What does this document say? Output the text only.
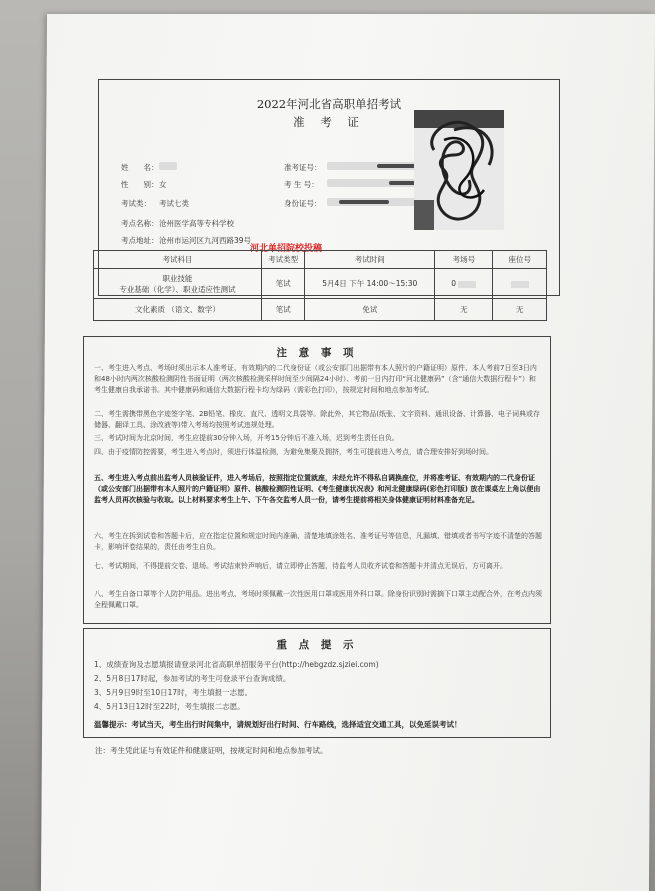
2022年河北省高职单招考试
准 考 证
姓　　名：
性　　别： 女
考试类： 考试七类
考点名称： 沧州医学高等专科学校
考点地址： 沧州市运河区九河西路39号
准考证号：
考 生 号：
身份证号：
河北单招院校投稿
考试科目	考试类型	考试时间	考场号	座位号

职业技能
专业基础（化学）、职业适应性测试	笔试	5月4日 下午 14:00～15:30	0	
文化素质 （语文、数学）	笔试	免试	无	无
注 意 事 项
一、考生进入考点、考场时须出示本人准考证、有效期内的二代身份证（或公安部门出据带有本人照片的户籍证明）原件、本人考前7日至3日内和48小时内两次核酸检测阴性书面证明（两次核酸检测采样时间至少间隔24小时）、考前一日内打印“河北健康码”（含“通信大数据行程卡”）和考生健康自我承诺书。其中健康码和通信大数据行程卡均为绿码（需彩色打印），按规定时间和地点参加考试。
二、考生需携带黑色字迹签字笔、2B铅笔、橡皮、直尺、透明文具袋等。除此外，其它物品(纸张、文字资料、通讯设备、计算器、电子词典或存储器、翻译工具、涂改液等)带入考场均按照考试违规处理。
三、考试时间为北京时间，考生应提前30分钟入场，开考15分钟后不准入场，迟到考生责任自负。
四、由于疫情防控需要，考生进入考点时，须进行体温检测，为避免集聚及拥挤，考生可提前进入考点，请合理安排好到场时间。
五、考生进入考点前出监考人员核验证件，进入考场后，按照指定位置就座，未经允许不得私自调换座位，并将准考证、有效期内的二代身份证（或公安部门出据带有本人照片的户籍证明）原件、核酸检测阴性证明、《考生健康状况表》和河北健康绿码(彩色打印版) 放在课桌左上角以便由监考人员再次核验与收取。以上材料要求考生上午、下午各交监考人员一份，请考生提前将相关身体健康证明材料准备充足。
六、考生在拆到试卷和答题卡后，应在指定位置和规定时间内准确、清楚地填涂姓名、准考证号等信息，凡漏填、错填或者书写字迹不清楚的答题卡，影响评卷结果的，责任由考生自负。
七、考试期间，不得提前交卷、退场。考试结束铃声响后，请立即停止答题，待监考人员收齐试卷和答题卡并清点无误后，方可离开。
八、考生自备口罩等个人防护用品。进出考点、考场时须佩戴一次性医用口罩或医用外科口罩。除身份识别时需摘下口罩主动配合外，在考点内须全程佩戴口罩。
重 点 提 示
1、成绩查询及志愿填报请登录河北省高职单招服务平台(http://hebgzdz.sjziei.com)
2、5月8日17时起，参加考试的考生可登录平台查询成绩。
3、5月9日9时至10日17时，考生填报一志愿。
4、5月13日12时至22时，考生填报二志愿。
温馨提示：考试当天，考生出行时间集中，请规划好出行时间、行车路线，选择适宜交通工具，以免延误考试！
注：考生凭此证与有效证件和健康证明，按规定时间和地点参加考试。
